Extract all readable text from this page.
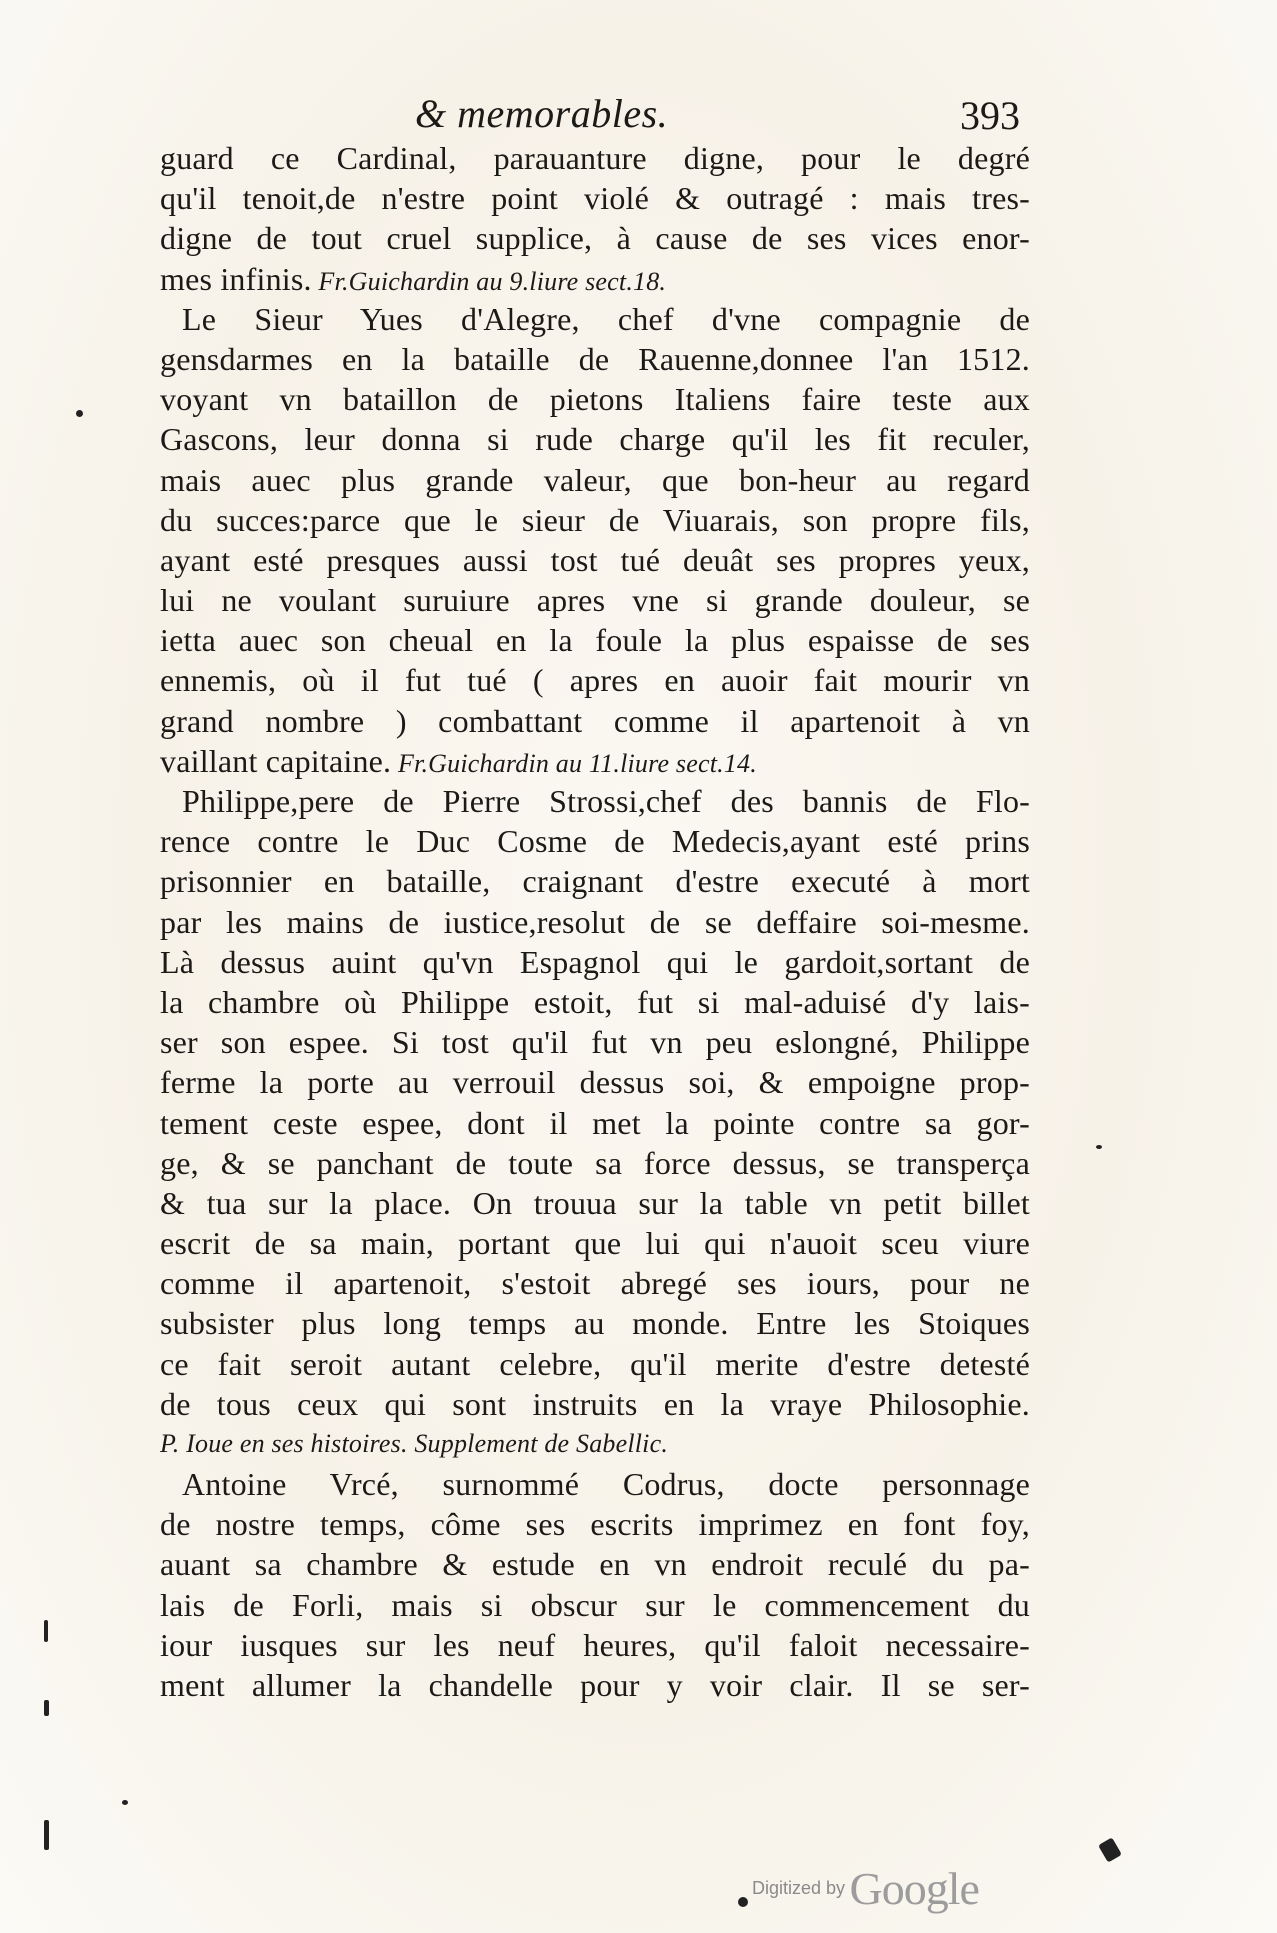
& memorables.	393
guard ce Cardinal, parauanture digne, pour le degré
qu'il tenoit,de n'estre point violé & outragé : mais tres-
digne de tout cruel supplice, à cause de ses vices enor-
mes infinis. Fr.Guichardin au 9.liure sect.18.
Le Sieur Yues d'Alegre, chef d'vne compagnie de
gensdarmes en la bataille de Rauenne,donnee l'an 1512.
voyant vn bataillon de pietons Italiens faire teste aux
Gascons, leur donna si rude charge qu'il les fit reculer,
mais auec plus grande valeur, que bon-heur au regard
du succes:parce que le sieur de Viuarais, son propre fils,
ayant esté presques aussi tost tué deuât ses propres yeux,
lui ne voulant suruiure apres vne si grande douleur, se
ietta auec son cheual en la foule la plus espaisse de ses
ennemis, où il fut tué ( apres en auoir fait mourir vn
grand nombre ) combattant comme il apartenoit à vn
vaillant capitaine. Fr.Guichardin au 11.liure sect.14.
Philippe,pere de Pierre Strossi,chef des bannis de Flo-
rence contre le Duc Cosme de Medecis,ayant esté prins
prisonnier en bataille, craignant d'estre executé à mort
par les mains de iustice,resolut de se deffaire soi-mesme.
Là dessus auint qu'vn Espagnol qui le gardoit,sortant de
la chambre où Philippe estoit, fut si mal-aduisé d'y lais-
ser son espee. Si tost qu'il fut vn peu eslongné, Philippe
ferme la porte au verrouil dessus soi, & empoigne prop-
tement ceste espee, dont il met la pointe contre sa gor-
ge, & se panchant de toute sa force dessus, se transperça
& tua sur la place. On trouua sur la table vn petit billet
escrit de sa main, portant que lui qui n'auoit sceu viure
comme il apartenoit, s'estoit abregé ses iours, pour ne
subsister plus long temps au monde. Entre les Stoiques
ce fait seroit autant celebre, qu'il merite d'estre detesté
de tous ceux qui sont instruits en la vraye Philosophie.
P. Ioue en ses histoires. Supplement de Sabellic.
Antoine Vrcé, surnommé Codrus, docte personnage
de nostre temps, côme ses escrits imprimez en font foy,
auant sa chambre & estude en vn endroit reculé du pa-
lais de Forli, mais si obscur sur le commencement du
iour iusques sur les neuf heures, qu'il faloit necessaire-
ment allumer la chandelle pour y voir clair. Il se ser-
Digitized by Google
